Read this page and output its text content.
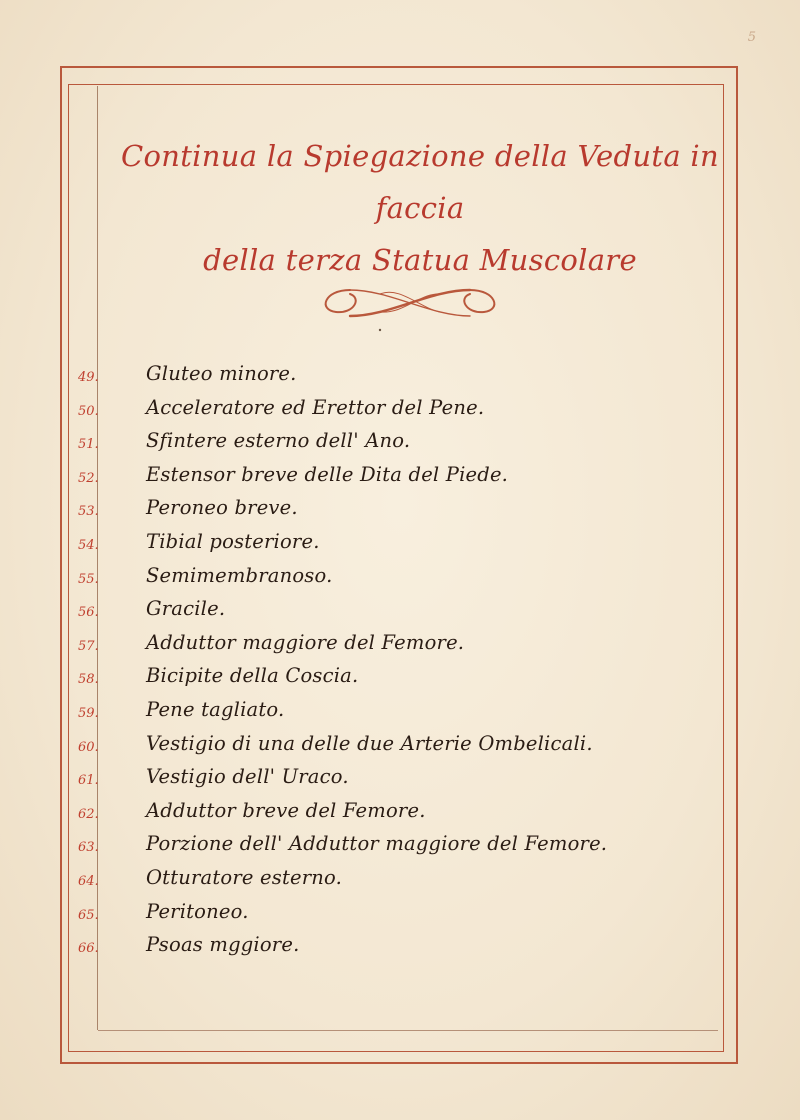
5
Continua la Spiegazione della Veduta in faccia
della terza Statua Muscolare
49. Gluteo minore.
50. Acceleratore ed Erettor del Pene.
51. Sfintere esterno dell' Ano.
52. Estensor breve delle Dita del Piede.
53. Peroneo breve.
54. Tibial posteriore.
55. Semimembranoso.
56. Gracile.
57. Adduttor maggiore del Femore.
58. Bicipite della Coscia.
59. Pene tagliato.
60. Vestigio di una delle due Arterie Ombelicali.
61. Vestigio dell' Uraco.
62. Adduttor breve del Femore.
63. Porzione dell' Adduttor maggiore del Femore.
64. Otturatore esterno.
65. Peritoneo.
66. Psoas mggiore.
